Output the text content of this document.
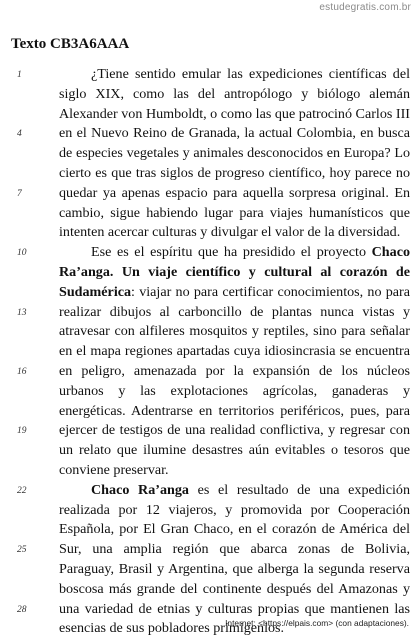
estudegratis.com.br
Texto CB3A6AAA
1
4
7
10
13
16
19
22
25
28

¿Tiene sentido emular las expediciones científicas del siglo XIX, como las del antropólogo y biólogo alemán Alexander von Humboldt, o como las que patrocinó Carlos III en el Nuevo Reino de Granada, la actual Colombia, en busca de especies vegetales y animales desconocidos en Europa? Lo cierto es que tras siglos de progreso científico, hoy parece no quedar ya apenas espacio para aquella sorpresa original. En cambio, sigue habiendo lugar para viajes humanísticos que intenten acercar culturas y divulgar el valor de la diversidad.

Ese es el espíritu que ha presidido el proyecto Chaco Ra’anga. Un viaje científico y cultural al corazón de Sudamérica: viajar no para certificar conocimientos, no para realizar dibujos al carboncillo de plantas nunca vistas y atravesar con alfileres mosquitos y reptiles, sino para señalar en el mapa regiones apartadas cuya idiosincrasia se encuentra en peligro, amenazada por la expansión de los núcleos urbanos y las explotaciones agrícolas, ganaderas y energéticas. Adentrarse en territorios periféricos, pues, para ejercer de testigos de una realidad conflictiva, y regresar con un relato que ilumine desastres aún evitables o tesoros que conviene preservar.

Chaco Ra’anga es el resultado de una expedición realizada por 12 viajeros, y promovida por Cooperación Española, por El Gran Chaco, en el corazón de América del Sur, una amplia región que abarca zonas de Bolivia, Paraguay, Brasil y Argentina, que alberga la segunda reserva boscosa más grande del continente después del Amazonas y una variedad de etnias y culturas propias que mantienen las esencias de sus pobladores primigenios.

Internet: <https://elpais.com> (con adaptaciones).
